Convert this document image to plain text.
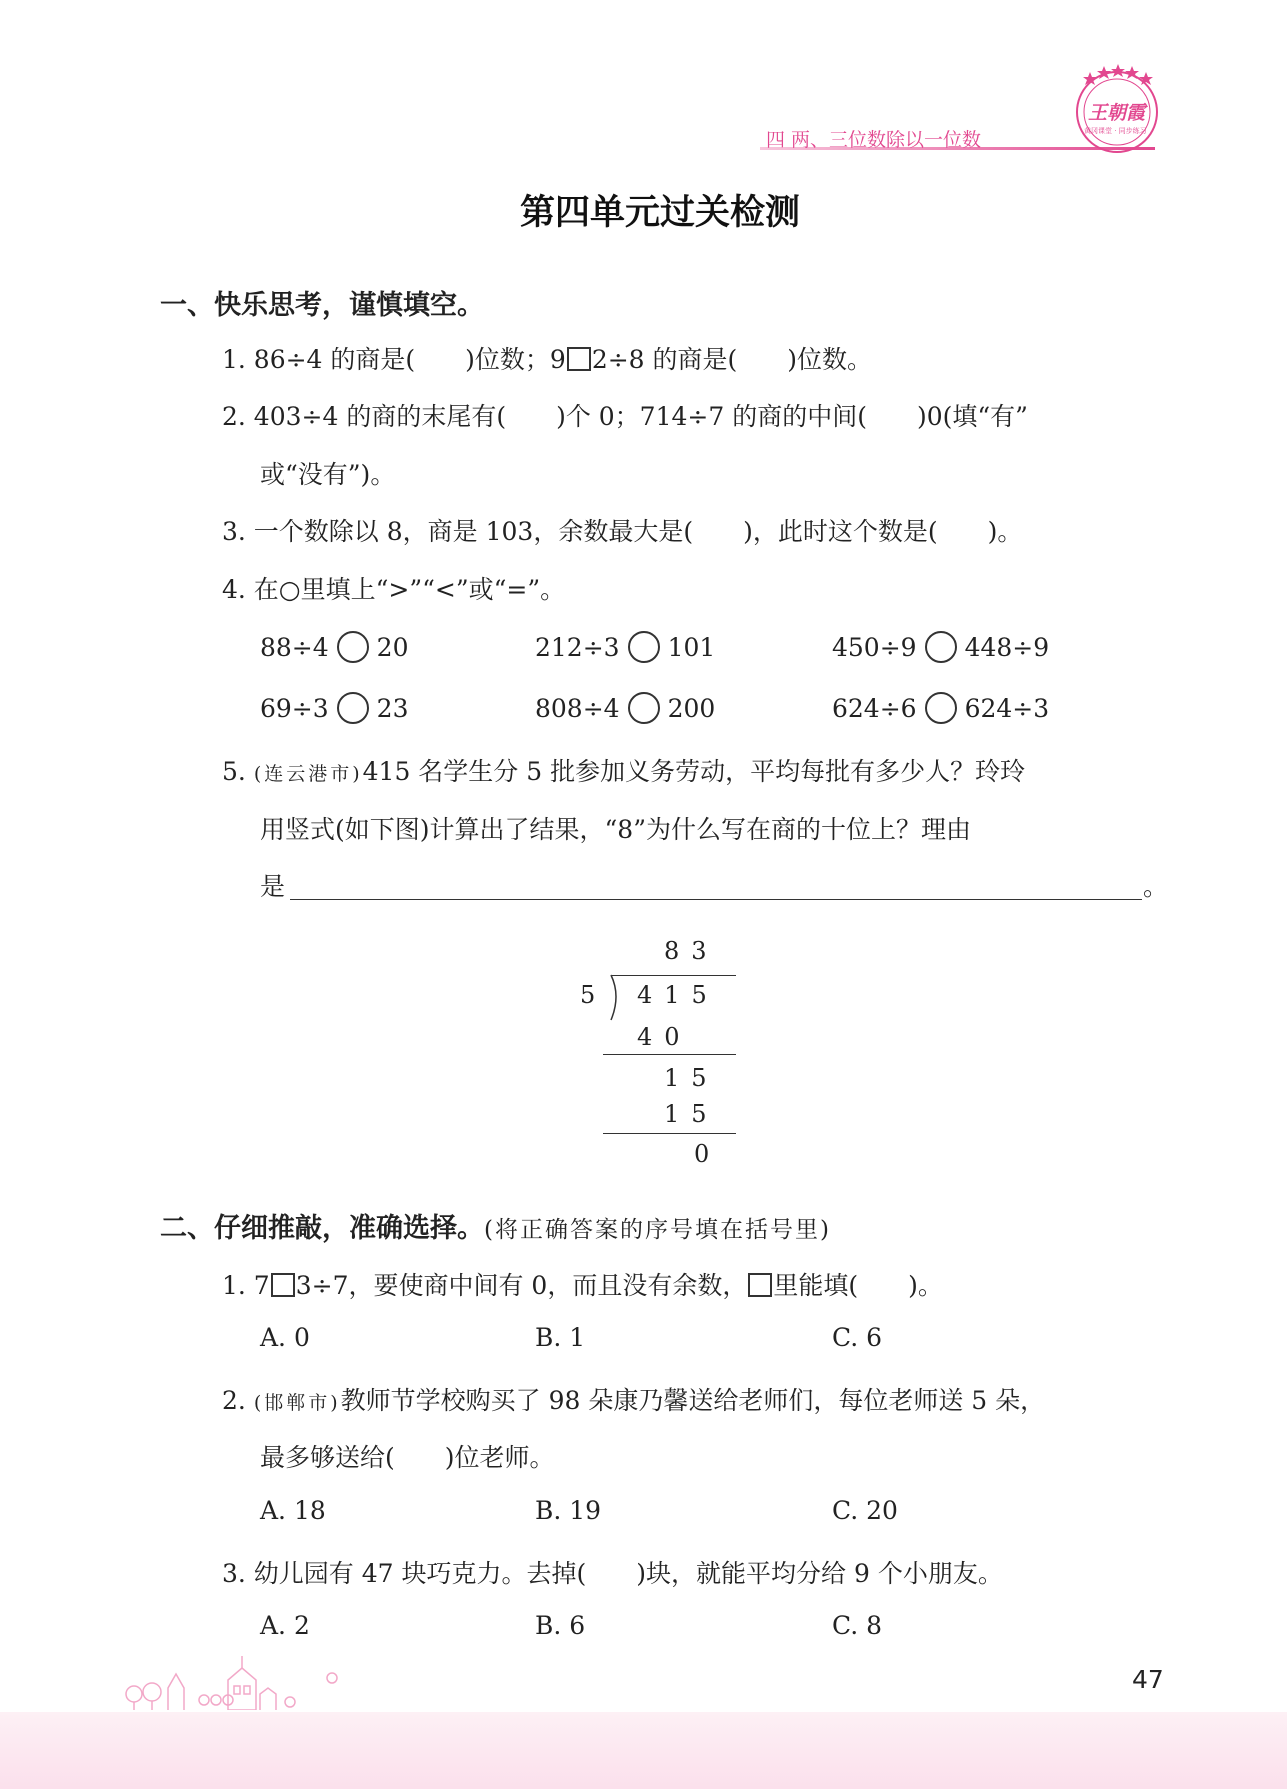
四 两、三位数除以一位数
王朝霞
黄冈课堂 · 同步练习
第四单元过关检测
一、快乐思考，谨慎填空。
1. 86÷4 的商是(　　)位数；9 2÷8 的商是(　　)位数。
2. 403÷4 的商的末尾有(　　)个 0；714÷7 的商的中间(　　)0(填“有”
或“没有”)。
3. 一个数除以 8，商是 103，余数最大是(　　)，此时这个数是(　　)。
4. 在○里填上“>”“<”或“=”。
88÷4 20	212÷3 101	450÷9 448÷9
69÷3 23	808÷4 200	624÷6 624÷3
5. (连云港市)415 名学生分 5 批参加义务劳动，平均每批有多少人？玲玲
用竖式(如下图)计算出了结果，“8”为什么写在商的十位上？理由
是	。
83
5 415
40
15
15
0
二、仔细推敲，准确选择。(将正确答案的序号填在括号里)
1. 7 3÷7，要使商中间有 0，而且没有余数， 里能填(　　)。
A. 0	B. 1	C. 6
2. (邯郸市)教师节学校购买了 98 朵康乃馨送给老师们，每位老师送 5 朵，
最多够送给(　　)位老师。
A. 18	B. 19	C. 20
3. 幼儿园有 47 块巧克力。去掉(　　)块，就能平均分给 9 个小朋友。
A. 2	B. 6	C. 8
47
